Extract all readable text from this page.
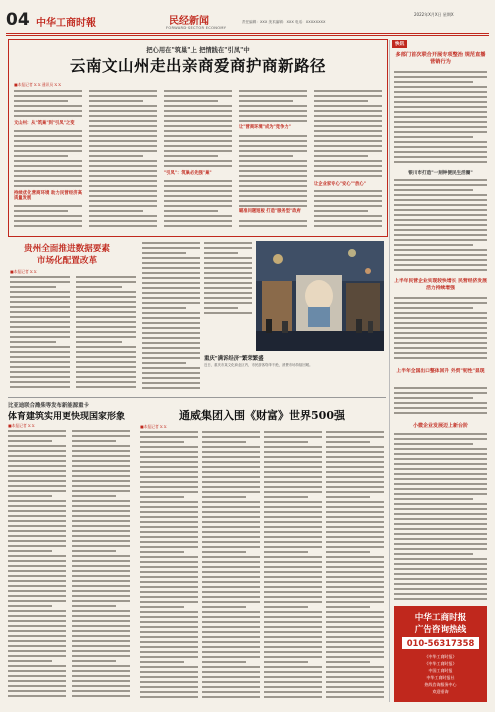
04 中华工商时報	民经新闻
FORWARD·SECTOR ECONOMY
2022年X月X日 星期X
责任编辑：XXX 美术编辑：XXX 电话：XXXXXXXX
把心用在"筑巢"上 把情践在"引凤"中
云南文山州走出亲商爱商护商新路径
■本报记者 X X 通讯员 X X
文山州：从"筑巢"到"引凤"之变
持续优化营商环境 助力民营经济高质量发展
"引凤"：筑巢必先强"巢"
让"营商环境"成为"竞争力"
瞄准问题短板 打造"服务型"政府
让企业家专心"安心""放心"
贵州全面推进数据要素市场化配置改革
■本报记者 X X
重庆"满诉经济"繁荣繁盛
近日，重庆市某文化商业区内，市民游客络绎不绝，消费市场持续回暖。
比亚迪联合潍柴等发布新能源重卡
体育建筑实用更快现国家形象
■本报记者 X X
通威集团入围《财富》世界500强
■本报记者 X X
快讯
多部门首次联合开展专项整治 规范直播营销行为
银川市打造"一刻钟便民生活圈"
上半年民营企业实现较快增长 民营经济发展活力持续增强
上半年全国出口整体回升 外贸"韧性"显现
小微企业发展迈上新台阶
中华工商时报
广告咨询热线
010-56317358
《中华工商时报》
《中华工商时报》
中国工商时报
中华工商时报社
热线咨询服务中心
欢迎垂询
